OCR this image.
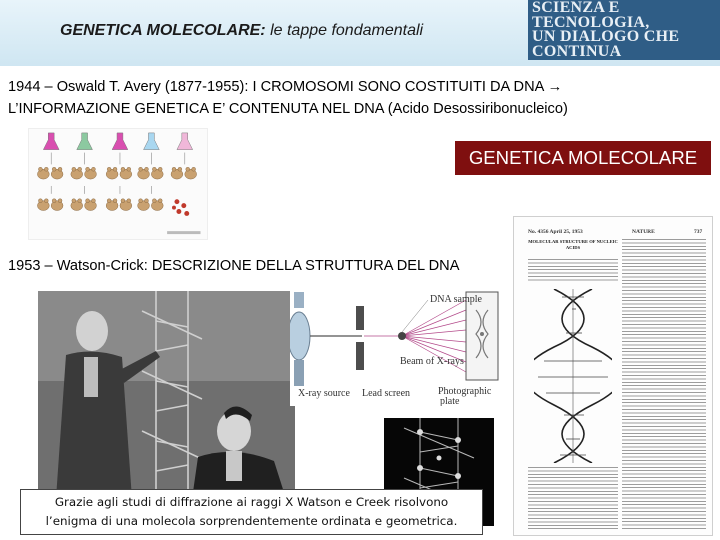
GENETICA MOLECOLARE: le tappe fondamentali
SCIENZA E
TECNOLOGIA,
UN DIALOGO CHE
CONTINUA
1944 – Oswald T. Avery (1877-1955): I CROMOSOMI SONO COSTITUITI DA DNA →
L’INFORMAZIONE GENETICA E’ CONTENUTA NEL DNA (Acido Desossiribonucleico)
GENETICA MOLECOLARE
1953 – Watson-Crick: DESCRIZIONE DELLA STRUTTURA DEL DNA
DNA sample
Beam of X-rays
X-ray source Lead screen	Photographic
plate
No. 4356 April 25, 1953	NATURE	737
MOLECULAR STRUCTURE OF NUCLEIC ACIDS
Grazie agli studi di diffrazione ai raggi X Watson e Creek risolvono
l’enigma di una molecola sorprendentemente ordinata e geometrica.
